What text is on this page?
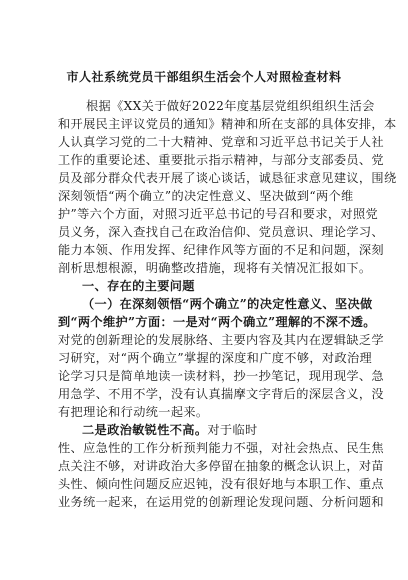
市人社系统党员干部组织生活会个人对照检查材料
根据《XX关于做好2022年度基层党组织组织生活会
和开展民主评议党员的通知》精神和所在支部的具体安排，本
人认真学习党的二十大精神、党章和习近平总书记关于人社
工作的重要论述、重要批示指示精神，与部分支部委员、党
员及部分群众代表开展了谈心谈话，诚恳征求意见建议，围绕
深刻领悟“两个确立”的决定性意义、坚决做到“两个维
护”等六个方面，对照习近平总书记的号召和要求，对照党
员义务，深入查找自己在政治信仰、党员意识、理论学习、
能力本领、作用发挥、纪律作风等方面的不足和问题，深刻
剖析思想根源，明确整改措施，现将有关情况汇报如下。
一、存在的主要问题
（一）在深刻领悟“两个确立”的决定性意义、坚决做
到“两个维护”方面：一是对“两个确立”理解的不深不透。
对党的创新理论的发展脉络、主要内容及其内在逻辑缺乏学
习研究，对“两个确立”掌握的深度和广度不够，对政治理
论学习只是简单地读一读材料，抄一抄笔记，现用现学、急
用急学、不用不学，没有认真揣摩文字背后的深层含义，没
有把理论和行动统一起来。
二是政治敏锐性不高。对于临时
性、应急性的工作分析预判能力不强，对社会热点、民生焦
点关注不够，对讲政治大多停留在抽象的概念认识上，对苗
头性、倾向性问题反应迟钝，没有很好地与本职工作、重点
业务统一起来，在运用党的创新理论发现问题、分析问题和
